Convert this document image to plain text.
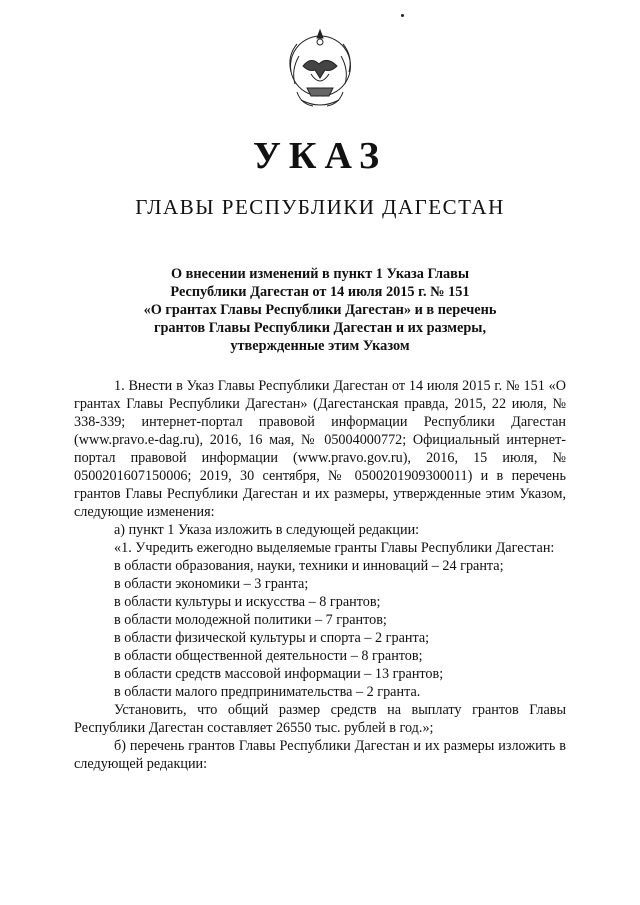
УКАЗ
ГЛАВЫ РЕСПУБЛИКИ ДАГЕСТАН
О внесении изменений в пункт 1 Указа Главы
Республики Дагестан от 14 июля 2015 г. № 151
«О грантах Главы Республики Дагестан» и в перечень
грантов Главы Республики Дагестан и их размеры,
утвержденные этим Указом
1. Внести в Указ Главы Республики Дагестан от 14 июля 2015 г. № 151 «О грантах Главы Республики Дагестан» (Дагестанская правда, 2015, 22 июля, № 338-339; интернет-портал правовой информации Республики Дагестан (www.pravo.e-dag.ru), 2016, 16 мая, № 05004000772; Официальный интернет-портал правовой информации (www.pravo.gov.ru), 2016, 15 июля, № 0500201607150006; 2019, 30 сентября, № 0500201909300011) и в перечень грантов Главы Республики Дагестан и их размеры, утвержденные этим Указом, следующие изменения:
а) пункт 1 Указа изложить в следующей редакции:
«1. Учредить ежегодно выделяемые гранты Главы Республики Дагестан:
в области образования, науки, техники и инноваций – 24 гранта;
в области экономики – 3 гранта;
в области культуры и искусства – 8 грантов;
в области молодежной политики – 7 грантов;
в области физической культуры и спорта – 2 гранта;
в области общественной деятельности – 8 грантов;
в области средств массовой информации – 13 грантов;
в области малого предпринимательства – 2 гранта.
Установить, что общий размер средств на выплату грантов Главы Республики Дагестан составляет 26550 тыс. рублей в год.»;
б) перечень грантов Главы Республики Дагестан и их размеры изложить в следующей редакции:
